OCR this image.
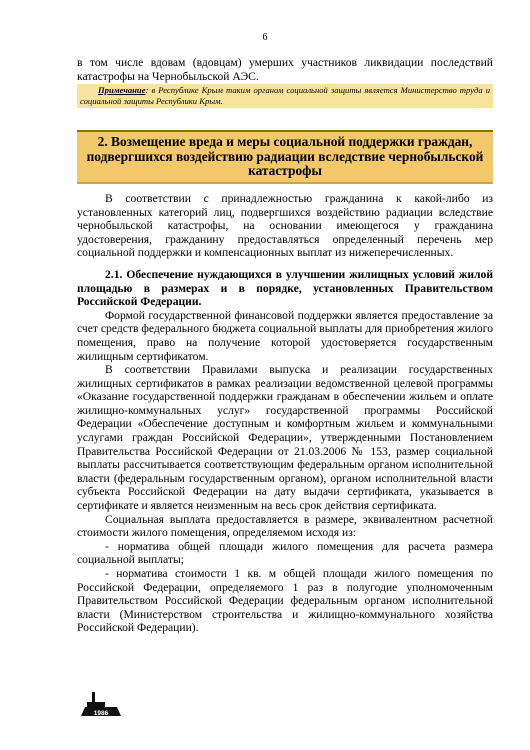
6

в том числе вдовам (вдовцам) умерших участников ликвидации последствий катастрофы на Чернобыльской АЭС.

Примечание: в Республике Крым таким органом социальной защиты является Министерство труда и социальной защиты Республики Крым.

2. Возмещение вреда и меры социальной поддержки граждан, подвергшихся воздействию радиации вследствие чернобыльской катастрофы

В соответствии с принадлежностью гражданина к какой-либо из установленных категорий лиц, подвергшихся воздействию радиации вследствие чернобыльской катастрофы, на основании имеющегося у гражданина удостоверения, гражданину предоставляться определенный перечень мер социальной поддержки и компенсационных выплат из нижеперечисленных.

2.1. Обеспечение нуждающихся в улучшении жилищных условий жилой площадью в размерах и в порядке, установленных Правительством Российской Федерации.

Формой государственной финансовой поддержки является предоставление за счет средств федерального бюджета социальной выплаты для приобретения жилого помещения, право на получение которой удостоверяется государственным жилищным сертификатом.

В соответствии Правилами выпуска и реализации государственных жилищных сертификатов в рамках реализации ведомственной целевой программы «Оказание государственной поддержки гражданам в обеспечении жильем и оплате жилищно-коммунальных услуг» государственной программы Российской Федерации «Обеспечение доступным и комфортным жильем и коммунальными услугами граждан Российской Федерации», утвержденными Постановлением Правительства Российской Федерации от 21.03.2006 № 153, размер социальной выплаты рассчитывается соответствующим федеральным органом исполнительной власти (федеральным государственным органом), органом исполнительной власти субъекта Российской Федерации на дату выдачи сертификата, указывается в сертификате и является неизменным на весь срок действия сертификата.

Социальная выплата предоставляется в размере, эквивалентном расчетной стоимости жилого помещения, определяемом исходя из:

- норматива общей площади жилого помещения для расчета размера социальной выплаты;

- норматива стоимости 1 кв. м общей площади жилого помещения по Российской Федерации, определяемого 1 раз в полугодие уполномоченным Правительством Российской Федерации федеральным органом исполнительной власти (Министерством строительства и жилищно-коммунального хозяйства Российской Федерации).

1986
